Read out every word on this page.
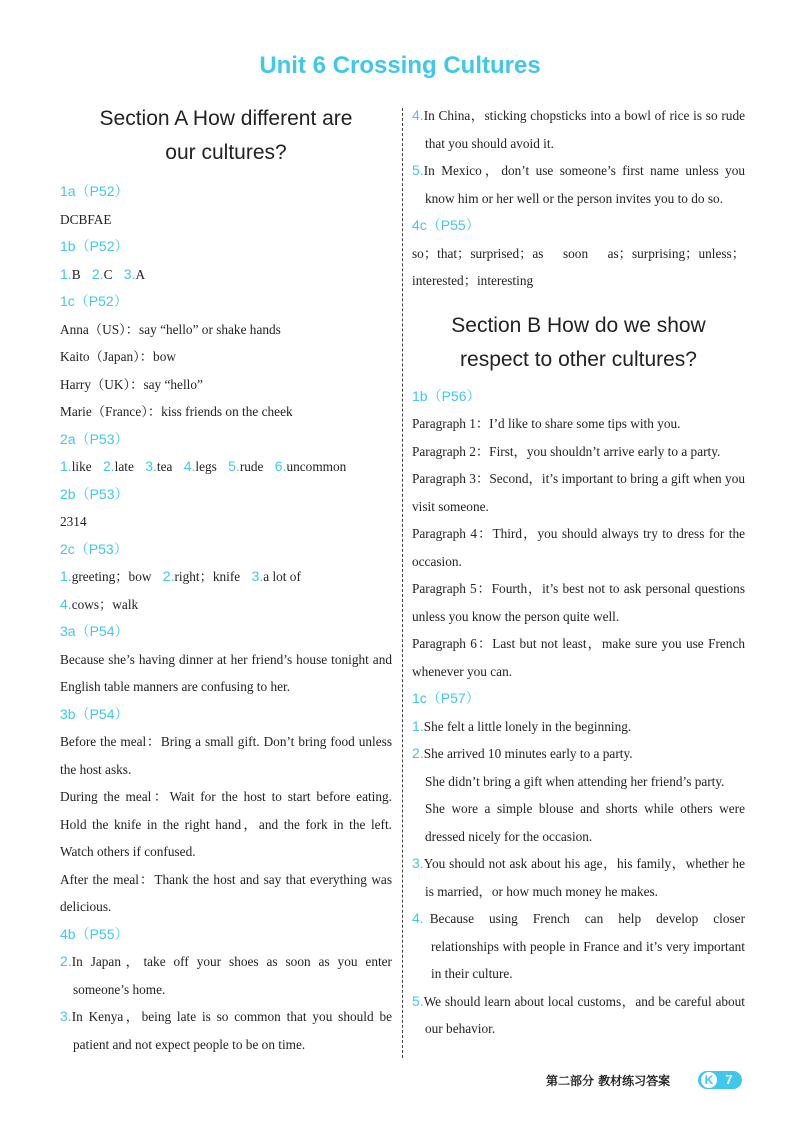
Unit 6 Crossing Cultures
Section A How different are
our cultures?
1a（P52）
DCBFAE
1b（P52）
1.B 2.C 3.A
1c（P52）
Anna（US）：say “hello” or shake hands
Kaito（Japan）：bow
Harry（UK）：say “hello”
Marie（France）：kiss friends on the cheek
2a（P53）
1.like 2.late 3.tea 4.legs 5.rude 6.uncommon
2b（P53）
2314
2c（P53）
1.greeting；bow 2.right；knife 3.a lot of
4.cows；walk
3a（P54）
Because she’s having dinner at her friend’s house tonight and English table manners are confusing to her.
3b（P54）
Before the meal：Bring a small gift. Don’t bring food unless the host asks.
During the meal：Wait for the host to start before eating. Hold the knife in the right hand，and the fork in the left. Watch others if confused.
After the meal：Thank the host and say that everything was delicious.
4b（P55）
2.In Japan，take off your shoes as soon as you enter someone’s home.
3.In Kenya，being late is so common that you should be patient and not expect people to be on time.
4.In China，sticking chopsticks into a bowl of rice is so rude that you should avoid it.
5.In Mexico，don’t use someone’s first name unless you know him or her well or the person invites you to do so.
4c（P55）
so；that；surprised；as soon as；surprising；unless；interested；interesting
Section B How do we show
respect to other cultures?
1b（P56）
Paragraph 1：I’d like to share some tips with you.
Paragraph 2：First，you shouldn’t arrive early to a party.
Paragraph 3：Second，it’s important to bring a gift when you visit someone.
Paragraph 4：Third，you should always try to dress for the occasion.
Paragraph 5：Fourth，it’s best not to ask personal questions unless you know the person quite well.
Paragraph 6：Last but not least，make sure you use French whenever you can.
1c（P57）
1.She felt a little lonely in the beginning.
2.She arrived 10 minutes early to a party.
She didn’t bring a gift when attending her friend’s party.
She wore a simple blouse and shorts while others were dressed nicely for the occasion.
3.You should not ask about his age，his family，whether he is married，or how much money he makes.
4. Because using French can help develop closer relationships with people in France and it’s very important in their culture.
5.We should learn about local customs，and be careful about our behavior.
第二部分 教材练习答案	K 7
